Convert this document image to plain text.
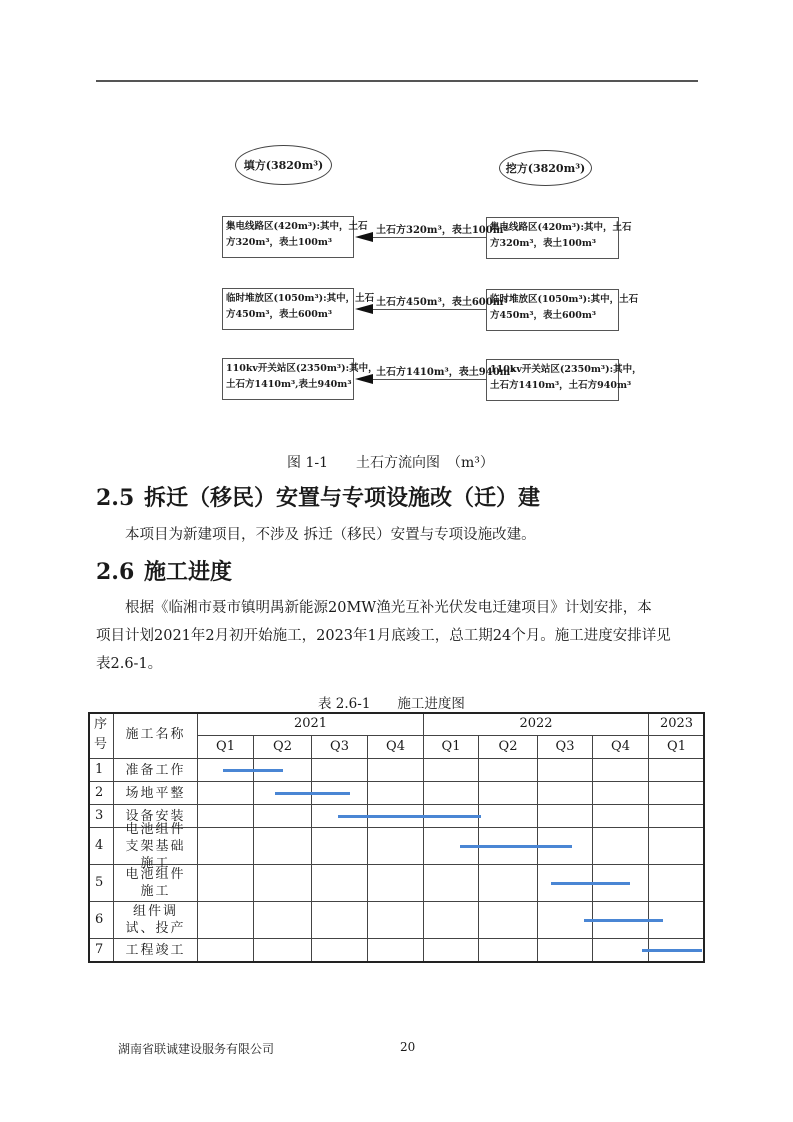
填方(3820m³)	挖方(3820m³)
集电线路区(420m³):其中，土石
方320m³，表土100m³
集电线路区(420m³):其中，土石
方320m³，表土100m³
土石方320m³，表土100m³
临时堆放区(1050m³):其中，土石
方450m³，表土600m³
临时堆放区(1050m³):其中，土石
方450m³，表土600m³
土石方450m³，表土600m³
110kv开关站区(2350m³):其中，
土石方1410m³,表土940m³
110kv开关站区(2350m³):其中，
土石方1410m³，土石方940m³
土石方1410m³，表土940m³
图 1-1　　土石方流向图　（m³）
2.5 拆迁（移民）安置与专项设施改（迁）建
本项目为新建项目，不涉及 拆迁（移民）安置与专项设施改建。
2.6 施工进度
根据《临湘市聂市镇明禺新能源20MW渔光互补光伏发电迁建项目》计划安排，本
项目计划2021年2月初开始施工，2023年1月底竣工，总工期24个月。施工进度安排详见
表2.6-1。
表 2.6-1　　施工进度图
序号
施工名称
2021	2022	2023
Q1	Q2	Q3	Q4	Q1	Q2	Q3	Q4	Q1
1 准备工作
2 场地平整
3 设备安装
4
电池组件支架基础施工
5
电池组件施工
6
组件调试、投产
7 工程竣工
湖南省联诚建设服务有限公司	20
